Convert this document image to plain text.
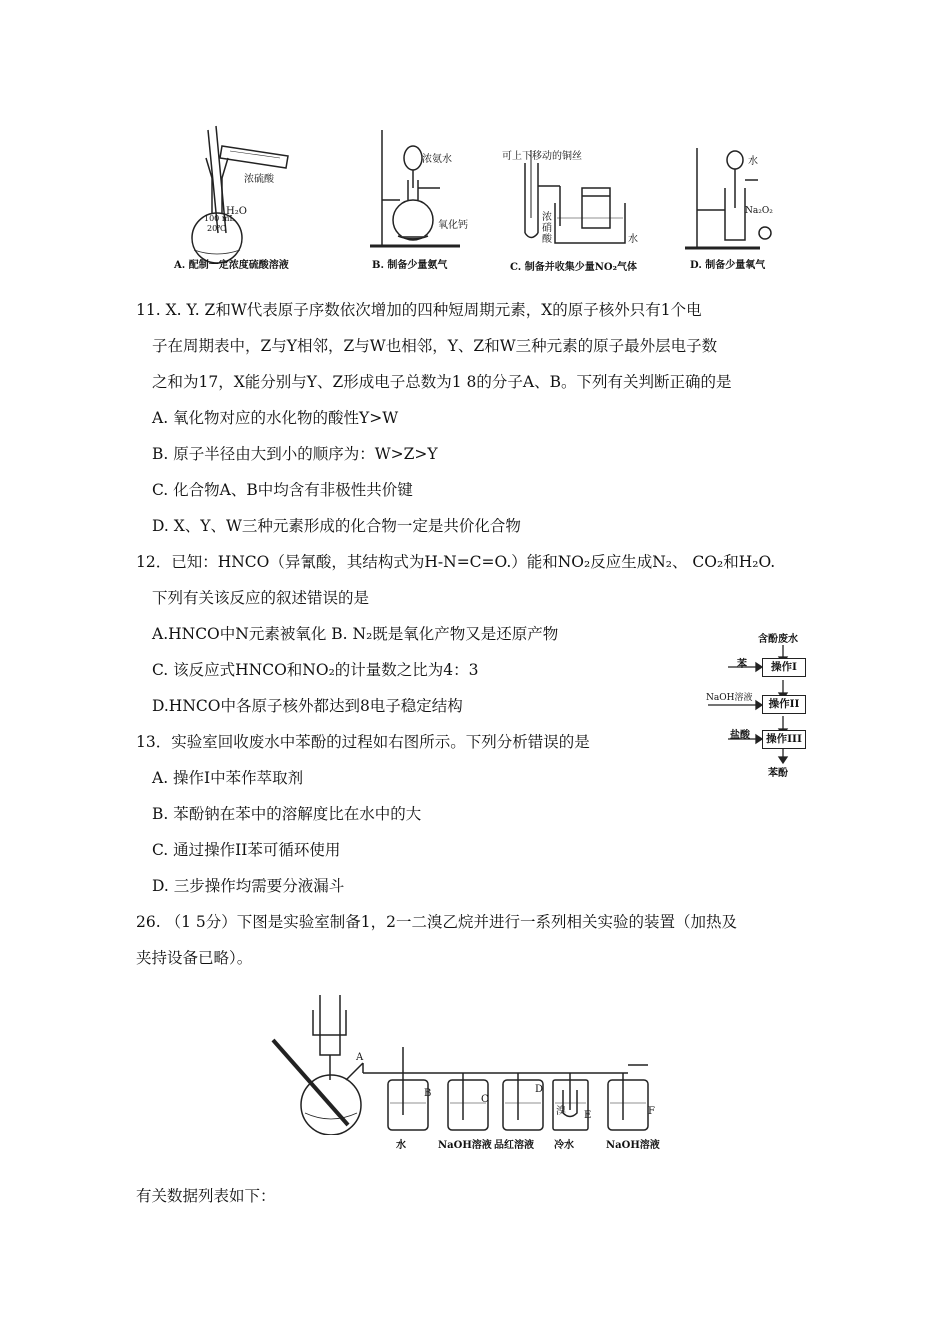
浓硫酸
100 mL
20℃
H₂O
A. 配制一定浓度硫酸溶液
浓氨水
氧化钙
B. 制备少量氨气
可上下移动的铜丝
浓硝酸	水
C. 制备并收集少量NO₂气体
水
Na₂O₂
D. 制备少量氧气
11. X. Y. Z和W代表原子序数依次增加的四种短周期元素，X的原子核外只有1个电
子在周期表中，Z与Y相邻，Z与W也相邻，Y、Z和W三种元素的原子最外层电子数
之和为17，X能分别与Y、Z形成电子总数为1 8的分子A、B。下列有关判断正确的是
A. 氧化物对应的水化物的酸性Y>W
B. 原子半径由大到小的顺序为：W>Z>Y
C. 化合物A、B中均含有非极性共价键
D. X、Y、W三种元素形成的化合物一定是共价化合物
12．已知：HNCO（异氰酸，其结构式为H-N=C=O.）能和NO₂反应生成N₂、 CO₂和H₂O.
下列有关该反应的叙述错误的是
A.HNCO中N元素被氧化 B. N₂既是氧化产物又是还原产物
C. 该反应式HNCO和NO₂的计量数之比为4：3
D.HNCO中各原子核外都达到8电子稳定结构
含酚废水
苯	操作I
NaOH溶液	操作II
盐酸	操作III
苯酚
13．实验室回收废水中苯酚的过程如右图所示。下列分析错误的是
A. 操作I中苯作萃取剂
B. 苯酚钠在苯中的溶解度比在水中的大
C. 通过操作II苯可循环使用
D. 三步操作均需要分液漏斗
26. （1 5分）下图是实验室制备1，2一二溴乙烷并进行一系列相关实验的装置（加热及
夹持设备已略）。
A
B
C
D
溴 E	F
水	NaOH溶液 品红溶液 冷水	NaOH溶液
有关数据列表如下：
